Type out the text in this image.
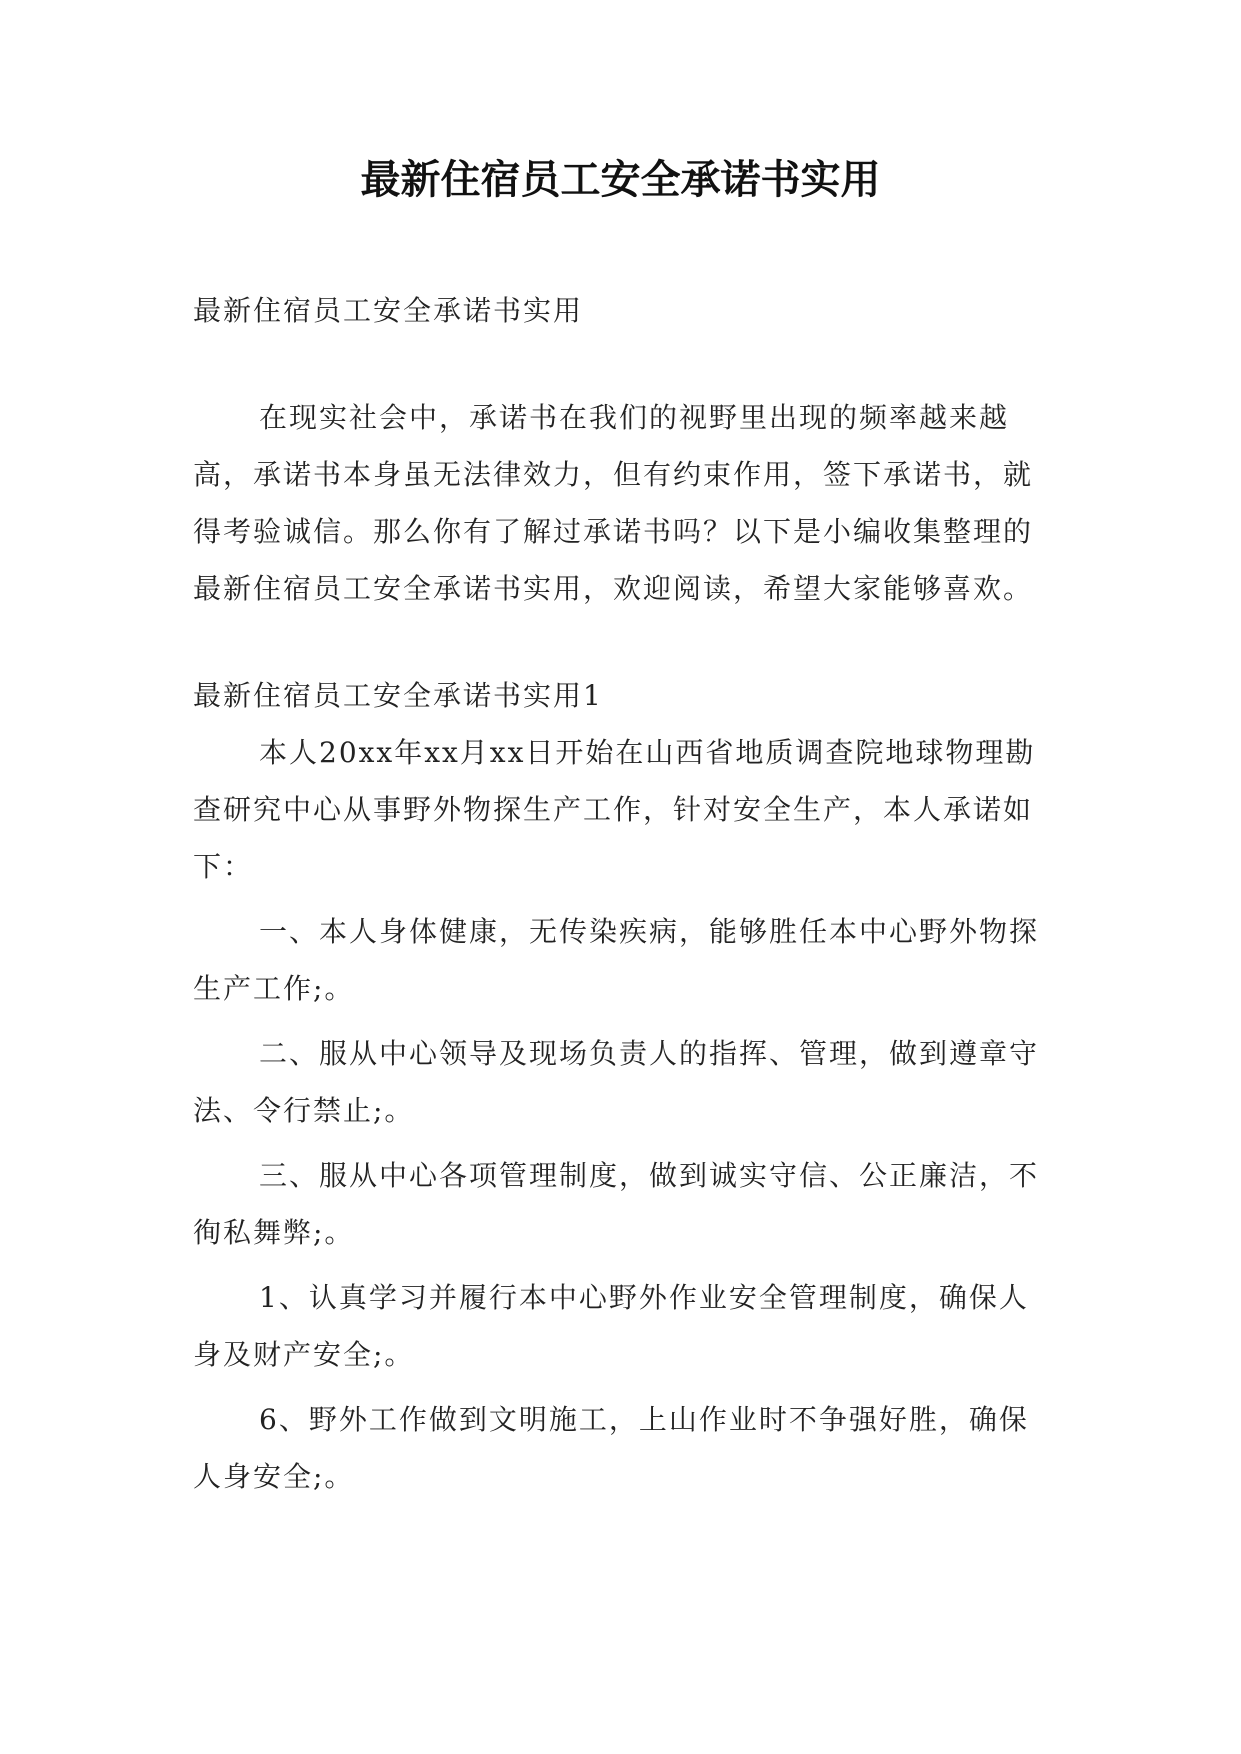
最新住宿员工安全承诺书实用

最新住宿员工安全承诺书实用

在现实社会中，承诺书在我们的视野里出现的频率越来越高，承诺书本身虽无法律效力，但有约束作用，签下承诺书，就得考验诚信。那么你有了解过承诺书吗？以下是小编收集整理的最新住宿员工安全承诺书实用，欢迎阅读，希望大家能够喜欢。

最新住宿员工安全承诺书实用1

本人20xx年xx月xx日开始在山西省地质调查院地球物理勘查研究中心从事野外物探生产工作，针对安全生产，本人承诺如下：

一、本人身体健康，无传染疾病，能够胜任本中心野外物探生产工作;。

二、服从中心领导及现场负责人的指挥、管理，做到遵章守法、令行禁止;。

三、服从中心各项管理制度，做到诚实守信、公正廉洁，不徇私舞弊;。

1、认真学习并履行本中心野外作业安全管理制度，确保人身及财产安全;。

6、野外工作做到文明施工，上山作业时不争强好胜，确保人身安全;。
